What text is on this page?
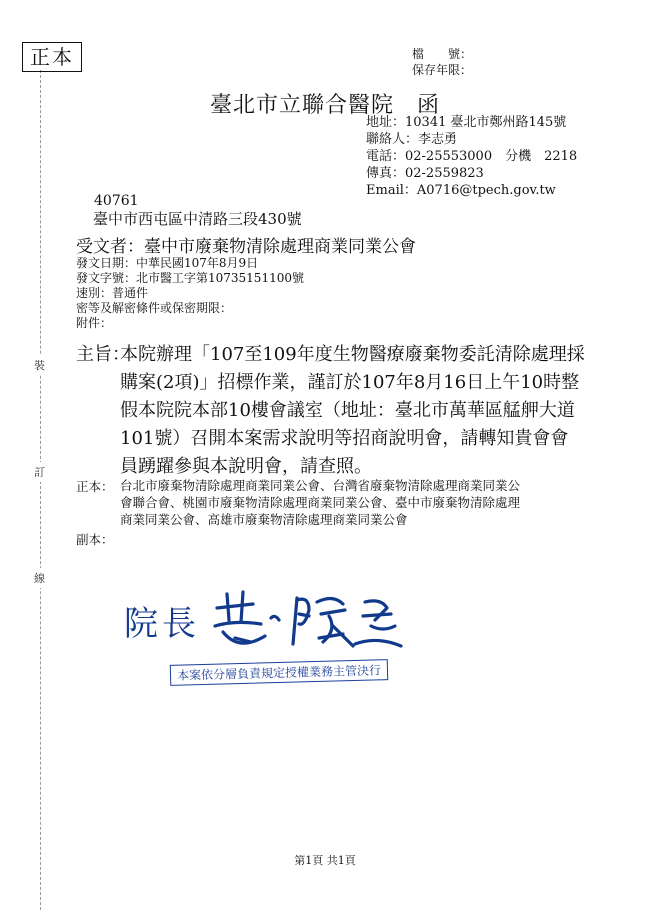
裝
訂
線
正本	檔　　號：
保存年限：
臺北市立聯合醫院　函
地址：10341 臺北市鄭州路145號
聯絡人：李志勇
電話：02-25553000　分機　2218
傳真：02-2559823
Email：A0716@tpech.gov.tw
40761
臺中市西屯區中清路三段430號
受文者：臺中市廢棄物清除處理商業同業公會
發文日期：中華民國107年8月9日
發文字號：北市醫工字第10735151100號
速別：普通件
密等及解密條件或保密期限：
附件：
主旨：
本院辦理「107至109年度生物醫療廢棄物委託清除處理採
購案(2項)」招標作業，謹訂於107年8月16日上午10時整
假本院院本部10樓會議室（地址：臺北市萬華區艋舺大道
101號）召開本案需求說明等招商說明會，請轉知貴會會
員踴躍參與本說明會，請查照。
正本： 台北市廢棄物清除處理商業同業公會、台灣省廢棄物清除處理商業同業公
會聯合會、桃園市廢棄物清除處理商業同業公會、臺中市廢棄物清除處理
商業同業公會、高雄市廢棄物清除處理商業同業公會
副本：
院長
本案依分層負責規定授權業務主管決行
第1頁 共1頁
